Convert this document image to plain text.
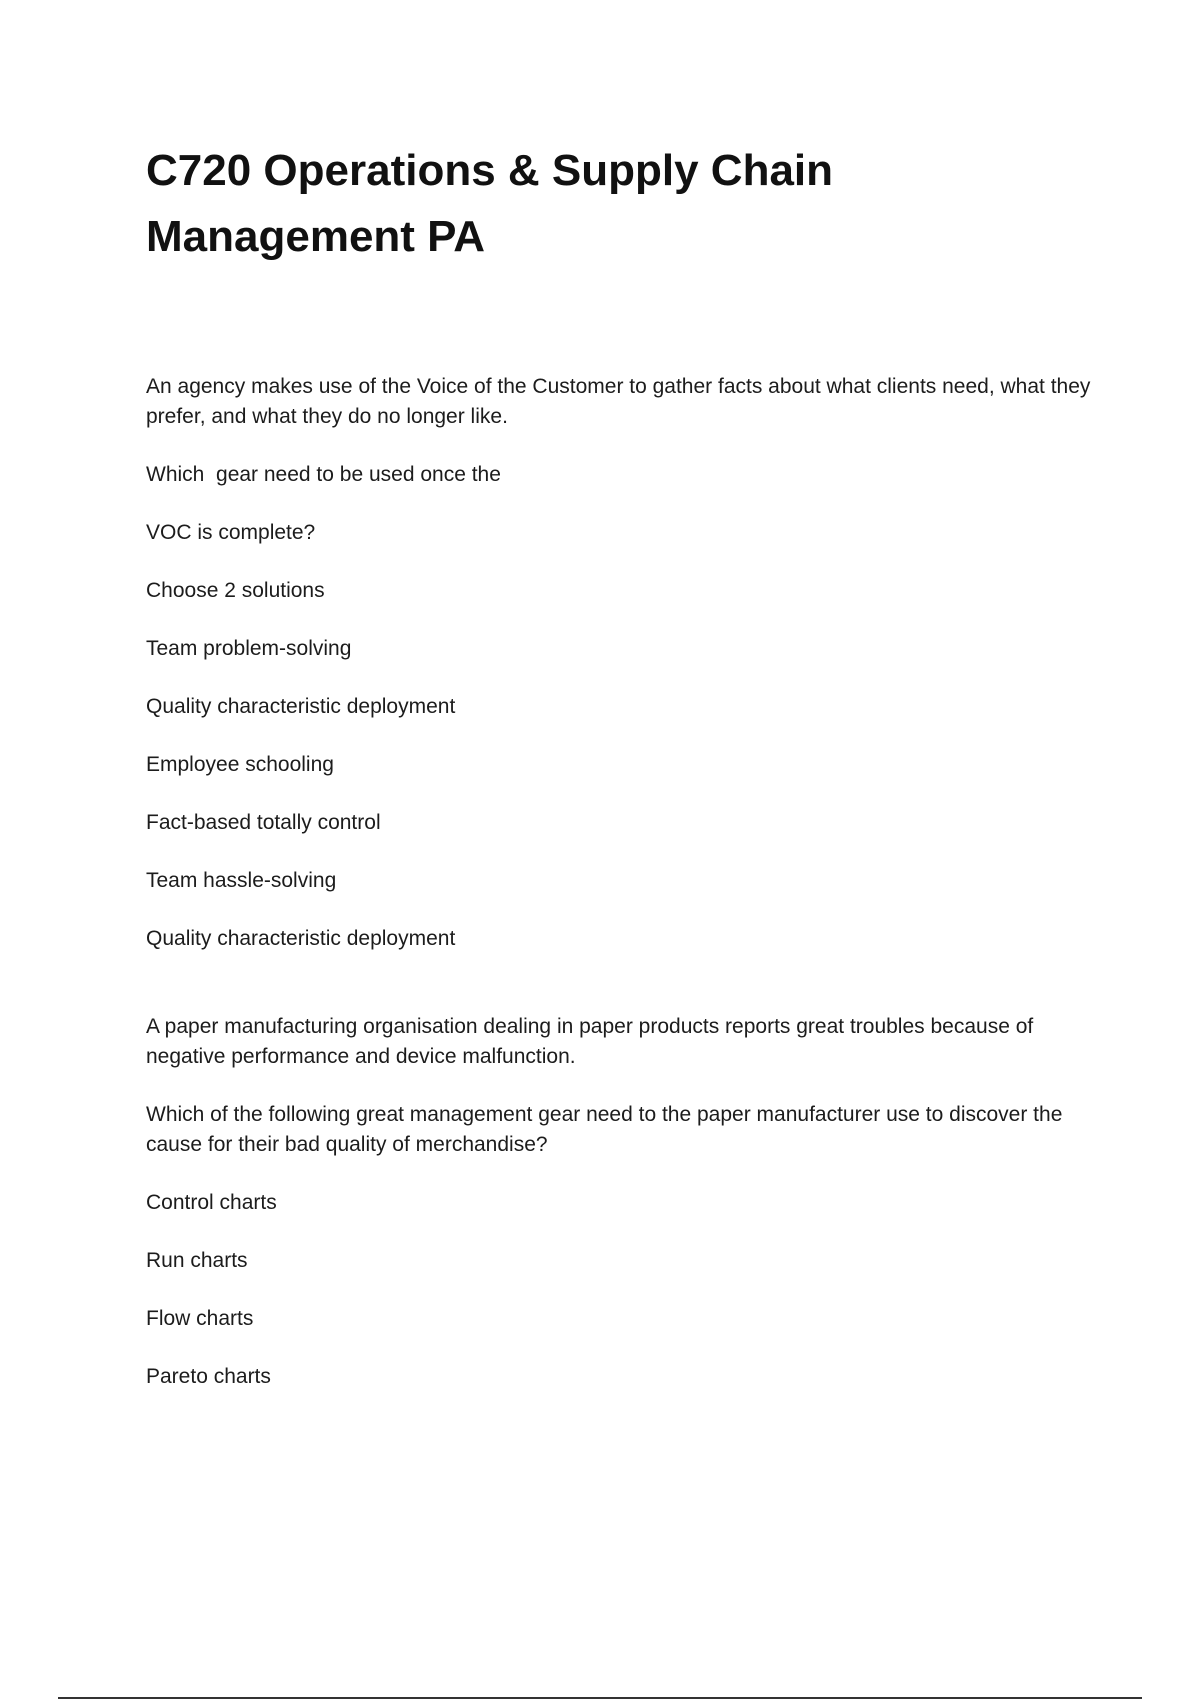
C720 Operations & Supply Chain Management PA

An agency makes use of the Voice of the Customer to gather facts about what clients need, what they prefer, and what they do no longer like.

Which  gear need to be used once the

VOC is complete?

Choose 2 solutions

Team problem-solving

Quality characteristic deployment

Employee schooling

Fact-based totally control

Team hassle-solving

Quality characteristic deployment

A paper manufacturing organisation dealing in paper products reports great troubles because of negative performance and device malfunction.

Which of the following great management gear need to the paper manufacturer use to discover the cause for their bad quality of merchandise?

Control charts

Run charts

Flow charts

Pareto charts
